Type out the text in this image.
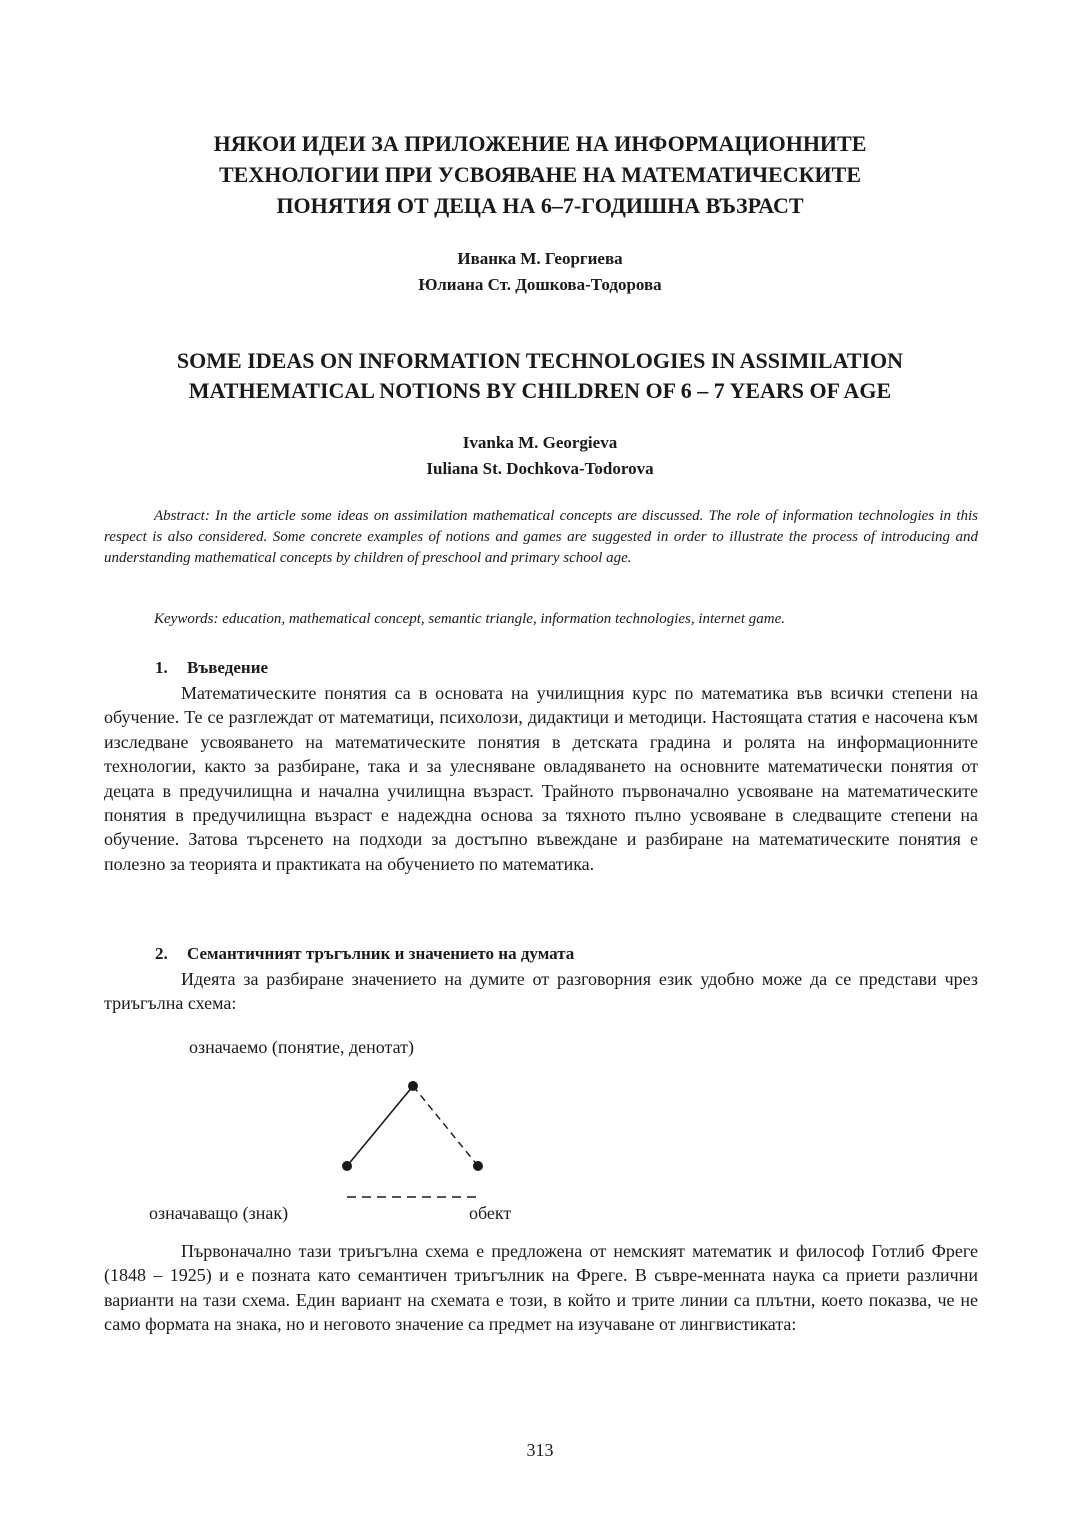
НЯКОИ ИДЕИ ЗА ПРИЛОЖЕНИЕ НА ИНФОРМАЦИОННИТЕ
ТЕХНОЛОГИИ ПРИ УСВОЯВАНЕ НА МАТЕМАТИЧЕСКИТЕ
ПОНЯТИЯ ОТ ДЕЦА НА 6–7-ГОДИШНА ВЪЗРАСТ
Иванка М. Георгиева
Юлиана Ст. Дошкова-Тодорова
SOME IDEAS ON INFORMATION TECHNOLOGIES IN ASSIMILATION
MATHEMATICAL NOTIONS BY CHILDREN OF 6 – 7 YEARS OF AGE
Ivanka M. Georgieva
Iuliana St. Dochkova-Todorova

Abstract: In the article some ideas on assimilation mathematical concepts are discussed. The role of information technologies in this respect is also considered. Some concrete examples of notions and games are suggested in order to illustrate the process of introducing and understanding mathematical concepts by children of preschool and primary school age.

Keywords: education, mathematical concept, semantic triangle, information technologies, internet game.

1. Въведение

Математическите понятия са в основата на училищния курс по математика във всички степени на обучение. Те се разглеждат от математици, психолози, дидактици и методици. Настоящата статия е насочена към изследване усвояването на математическите понятия в детската градина и ролята на информационните технологии, както за разбиране, така и за улесняване овладяването на основните математически понятия от децата в предучилищна и начална училищна възраст. Трайното първоначално усвояване на математическите понятия в предучилищна възраст е надеждна основа за тяхното пълно усвояване в следващите степени на обучение. Затова търсенето на подходи за достъпно въвеждане и разбиране на математическите понятия е полезно за теорията и практиката на обучението по математика.

2. Семантичният тръгълник и значението на думата

Идеята за разбиране значението на думите от разговорния език удобно може да се представи чрез триъгълна схема:

означаемо (понятие, денотат)
означаващо (знак)	обект

Първоначално тази триъгълна схема е предложена от немският математик и философ Готлиб Фреге (1848 – 1925) и е позната като семантичен триъгълник на Фреге. В съвре-менната наука са приети различни варианти на тази схема. Един вариант на схемата е този, в който и трите линии са плътни, което показва, че не само формата на знака, но и неговото значение са предмет на изучаване от лингвистиката:

313
